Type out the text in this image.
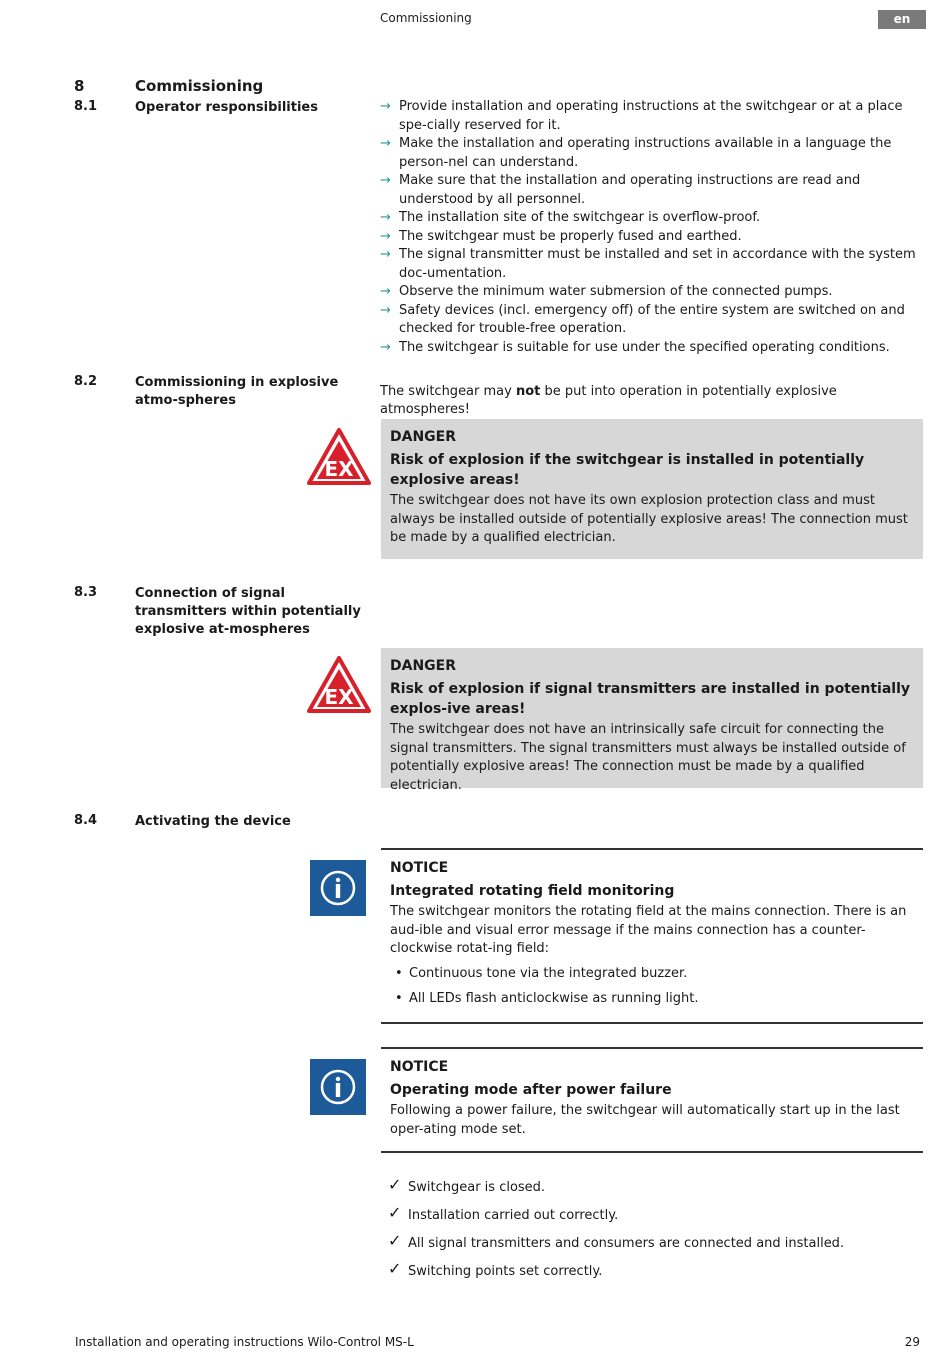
Commissioning	en
8	Commissioning
8.1	Operator responsibilities	→ Provide installation and operating instructions at the switchgear or at a place spe-cially reserved for it.
→ Make the installation and operating instructions available in a language the person-nel can understand.
→ Make sure that the installation and operating instructions are read and understood by all personnel.
→ The installation site of the switchgear is overflow-proof.
→ The switchgear must be properly fused and earthed.
→ The signal transmitter must be installed and set in accordance with the system doc-umentation.
→ Observe the minimum water submersion of the connected pumps.
→ Safety devices (incl. emergency off) of the entire system are switched on and checked for trouble-free operation.
→ The switchgear is suitable for use under the specified operating conditions.
8.2	Commissioning in explosive atmo-spheres
The switchgear may not be put into operation in potentially explosive atmospheres!
EX
DANGER
Risk of explosion if the switchgear is installed in potentially explosive areas!
The switchgear does not have its own explosion protection class and must always be installed outside of potentially explosive areas! The connection must be made by a qualified electrician.
8.3	Connection of signal transmitters within potentially explosive at-mospheres
EX
DANGER
Risk of explosion if signal transmitters are installed in potentially explos-ive areas!
The switchgear does not have an intrinsically safe circuit for connecting the signal transmitters. The signal transmitters must always be installed outside of potentially explosive areas! The connection must be made by a qualified electrician.
8.4	Activating the device
NOTICE
Integrated rotating field monitoring
The switchgear monitors the rotating field at the mains connection. There is an aud-ible and visual error message if the mains connection has a counter-clockwise rotat-ing field:
• Continuous tone via the integrated buzzer.
• All LEDs flash anticlockwise as running light.
NOTICE
Operating mode after power failure
Following a power failure, the switchgear will automatically start up in the last oper-ating mode set.
✓ Switchgear is closed.
✓ Installation carried out correctly.
✓ All signal transmitters and consumers are connected and installed.
✓ Switching points set correctly.
Installation and operating instructions Wilo-Control MS-L	29
